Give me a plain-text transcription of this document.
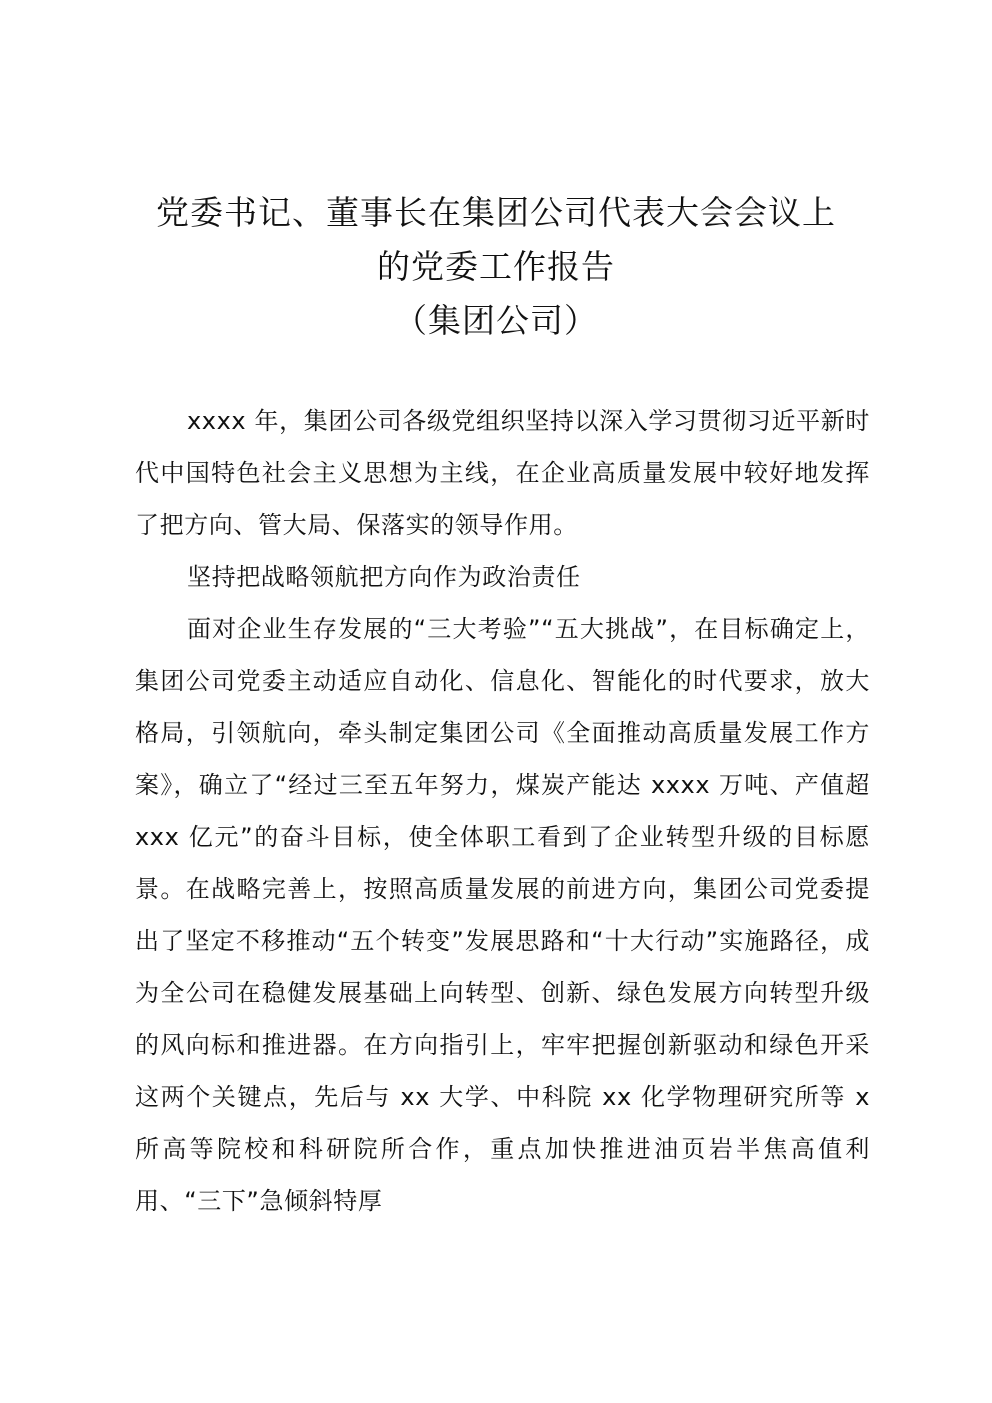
党委书记、董事长在集团公司代表大会会议上
的党委工作报告
（集团公司）

xxxx 年，集团公司各级党组织坚持以深入学习贯彻习近平新时代中国特色社会主义思想为主线，在企业高质量发展中较好地发挥了把方向、管大局、保落实的领导作用。

坚持把战略领航把方向作为政治责任

面对企业生存发展的“三大考验”“五大挑战”，在目标确定上，集团公司党委主动适应自动化、信息化、智能化的时代要求，放大格局，引领航向，牵头制定集团公司《全面推动高质量发展工作方案》，确立了“经过三至五年努力，煤炭产能达 xxxx 万吨、产值超 xxx 亿元”的奋斗目标，使全体职工看到了企业转型升级的目标愿景。在战略完善上，按照高质量发展的前进方向，集团公司党委提出了坚定不移推动“五个转变”发展思路和“十大行动”实施路径，成为全公司在稳健发展基础上向转型、创新、绿色发展方向转型升级的风向标和推进器。在方向指引上，牢牢把握创新驱动和绿色开采这两个关键点，先后与 xx 大学、中科院 xx 化学物理研究所等 x 所高等院校和科研院所合作，重点加快推进油页岩半焦高值利用、“三下”急倾斜特厚
